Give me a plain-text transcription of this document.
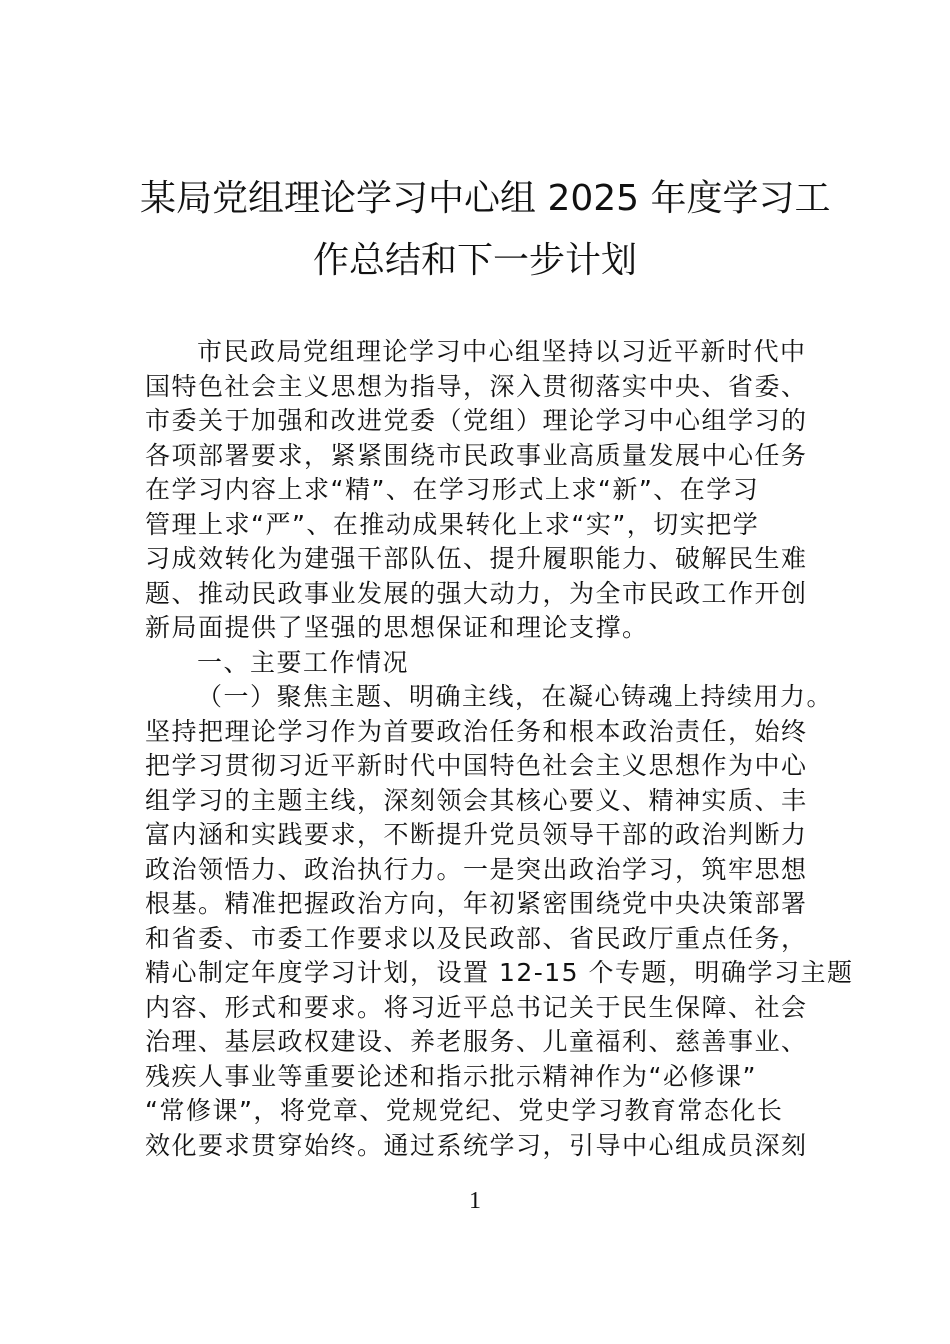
某局党组理论学习中心组 2025 年度学习工
作总结和下一步计划
市民政局党组理论学习中心组坚持以习近平新时代中
国特色社会主义思想为指导，深入贯彻落实中央、省委、
市委关于加强和改进党委（党组）理论学习中心组学习的
各项部署要求，紧紧围绕市民政事业高质量发展中心任务
在学习内容上求“精”、在学习形式上求“新”、在学习
管理上求“严”、在推动成果转化上求“实”，切实把学
习成效转化为建强干部队伍、提升履职能力、破解民生难
题、推动民政事业发展的强大动力，为全市民政工作开创
新局面提供了坚强的思想保证和理论支撑。
一、主要工作情况
（一）聚焦主题、明确主线，在凝心铸魂上持续用力。
坚持把理论学习作为首要政治任务和根本政治责任，始终
把学习贯彻习近平新时代中国特色社会主义思想作为中心
组学习的主题主线，深刻领会其核心要义、精神实质、丰
富内涵和实践要求，不断提升党员领导干部的政治判断力
政治领悟力、政治执行力。一是突出政治学习，筑牢思想
根基。精准把握政治方向，年初紧密围绕党中央决策部署
和省委、市委工作要求以及民政部、省民政厅重点任务，
精心制定年度学习计划，设置 12-15 个专题，明确学习主题
内容、形式和要求。将习近平总书记关于民生保障、社会
治理、基层政权建设、养老服务、儿童福利、慈善事业、
残疾人事业等重要论述和指示批示精神作为“必修课”
“常修课”，将党章、党规党纪、党史学习教育常态化长
效化要求贯穿始终。通过系统学习，引导中心组成员深刻
1
